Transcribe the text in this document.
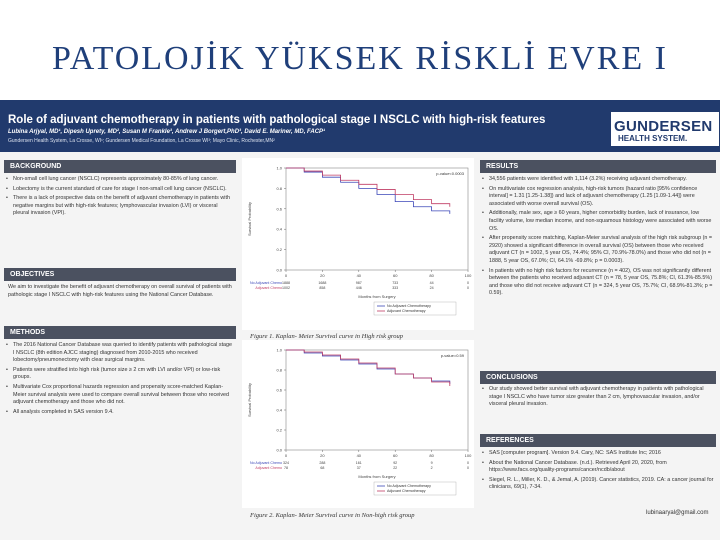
PATOLOJİK YÜKSEK RİSKLİ EVRE I
Role of adjuvant chemotherapy in patients with pathological stage I NSCLC with high-risk features
Lubina Arjyal, MD¹, Dipesh Uprety, MD², Susan M Frankle³, Andrew J Borgert,PhD³, David E. Mariner, MD, FACP¹
Gundersen Health System, La Crosse, WI¹; Gundersen Medical Foundation, La Crosse WI³; Mayo Clinic, Rochester,MN²
GUNDERSEN
HEALTH SYSTEM.
BACKGROUND
• Non-small cell lung cancer (NSCLC) represents approximately 80-85% of lung cancer.
• Lobectomy is the current standard of care for stage I non-small cell lung cancer (NSCLC).
• There is a lack of prospective data on the benefit of adjuvant chemotherapy in patients with negative margins but with high-risk features; lymphovascular invasion (LVI) or visceral pleural invasion (VPI).
OBJECTIVES
We aim to investigate the benefit of adjuvant chemotherapy on overall survival of patients with pathologic stage I NSCLC with high-risk features using the National Cancer Database.
METHODS
• The 2016 National Cancer Database was queried to identify patients with pathological stage I NSCLC (8th edition AJCC staging) diagnosed from 2010-2015 who received lobectomy/pneumonectomy with clear surgical margins.
• Patients were stratified into high risk (tumor size ≥ 2 cm with LVI and/or VPI) or low-risk groups.
• Multivariate Cox proportional hazards regression and propensity score-matched Kaplan-Meier survival analysis were used to compare overall survival between those who received adjuvant chemotherapy and those who did not.
• All analysis completed in SAS version 9.4.
0.0
0.2
0.4
0.6
0.8
1.0
0	20	40	60	80	100
Survival Probability
p-value<0.0003
No Adjuvant Chemo 1888	1688	987	733	44	0
Adjuvant Chemo 1002	858	446	333	24	0
Months from Surgery
No Adjuvant Chemotherapy
Adjuvant Chemotherapy
Figure 1. Kaplan- Meier Survival curve in High risk group
0.0
0.2
0.4
0.6
0.8
1.0
0	20	40	60	80	100
Survival Probability
p-value=0.59
No Adjuvant Chemo 324	288	161	92	9	0
Adjuvant Chemo 78	68	37	22	2	0
Months from Surgery
No Adjuvant Chemotherapy
Adjuvant Chemotherapy
Figure 2. Kaplan- Meier Survival curve in Non-high risk group
RESULTS
• 34,556 patients were identified with 1,114 (3.2%) receiving adjuvant chemotherapy.
• On multivariate cox regression analysis, high-risk tumors (hazard ratio [95% confidence interval] = 1.31 [1.25-1.38]) and lack of adjuvant chemotherapy (1.25 [1.09-1.44]) were associated with worse overall survival (OS).
• Additionally, male sex, age ≥ 60 years, higher comorbidity burden, lack of insurance, low facility volume, low median income, and non-squamous histology were associated with worse OS.
• After propensity score matching, Kaplan-Meier survival analysis of the high risk subgroup (n = 2920) showed a significant difference in overall survival (OS) between those who received adjuvant CT (n = 1002, 5 year OS, 74.4%; 95% CI, 70.9%-78.0%) and those who did not (n = 1888, 5 year OS, 67.0%; CI, 64.1% -69.8%; p = 0.0003).
• In patients with no high risk factors for recurrence (n = 402), OS was not significantly different between the patients who received adjuvant CT (n = 78, 5 year OS, 75.8%; CI, 61.3%-85.5%) and those who did not receive adjuvant CT (n = 324, 5 year OS, 75.7%; CI, 68.9%-81.3%; p = 0.59).
CONCLUSIONS
• Our study showed better survival with adjuvant chemotherapy in patients with pathological stage I NSCLC who have tumor size greater than 2 cm, lymphovascular invasion, and/or visceral pleural invasion.
REFERENCES
• SAS [computer program]. Version 9.4. Cary, NC: SAS Institute Inc; 2016
• About the National Cancer Database. (n.d.). Retrieved April 20, 2020, from https://www.facs.org/quality-programs/cancer/ncdb/about
• Siegel, R. L., Miller, K. D., & Jemal, A. (2019). Cancer statistics, 2019. CA: a cancer journal for clinicians, 69(1), 7-34.
lubinaaryal@gmail.com
